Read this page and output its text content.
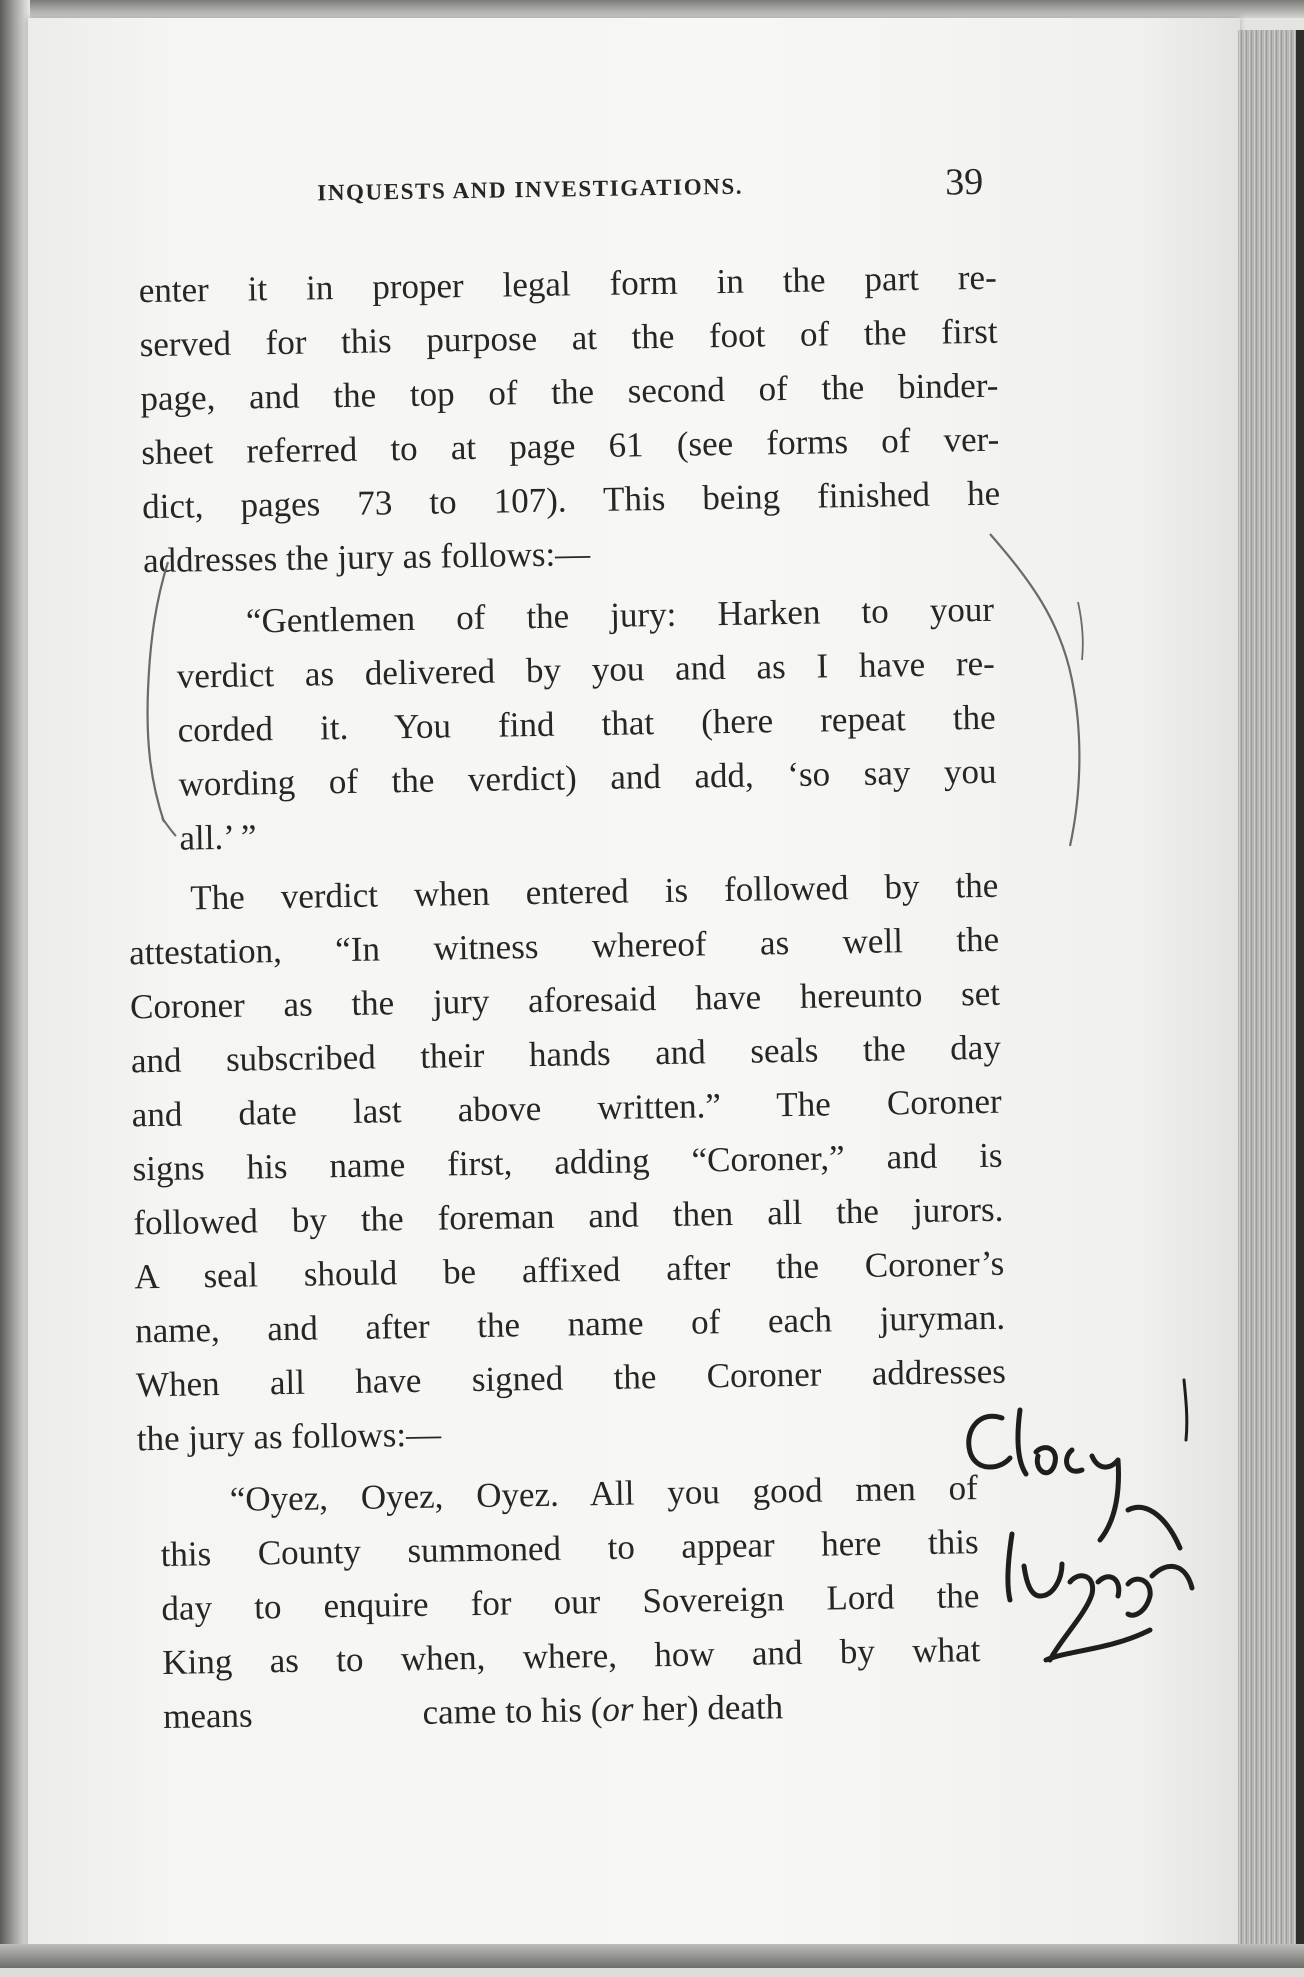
INQUESTS AND INVESTIGATIONS.	39
enter it in proper legal form in the part re-
served for this purpose at the foot of the first
page, and the top of the second of the binder-
sheet referred to at page 61 (see forms of ver-
dict, pages 73 to 107). This being finished he
addresses the jury as follows:—
“Gentlemen of the jury: Harken to your
verdict as delivered by you and as I have re-
corded it. You find that (here repeat the
wording of the verdict) and add, ‘so say you
all.’ ”
The verdict when entered is followed by the
attestation, “In witness whereof as well the
Coroner as the jury aforesaid have hereunto set
and subscribed their hands and seals the day
and date last above written.” The Coroner
signs his name first, adding “Coroner,” and is
followed by the foreman and then all the jurors.
A seal should be affixed after the Coroner’s
name, and after the name of each juryman.
When all have signed the Coroner addresses
the jury as follows:—
“Oyez, Oyez, Oyez. All you good men of
this County summoned to appear here this
day to enquire for our Sovereign Lord the
King as to when, where, how and by what
means	came to his (or her) death
